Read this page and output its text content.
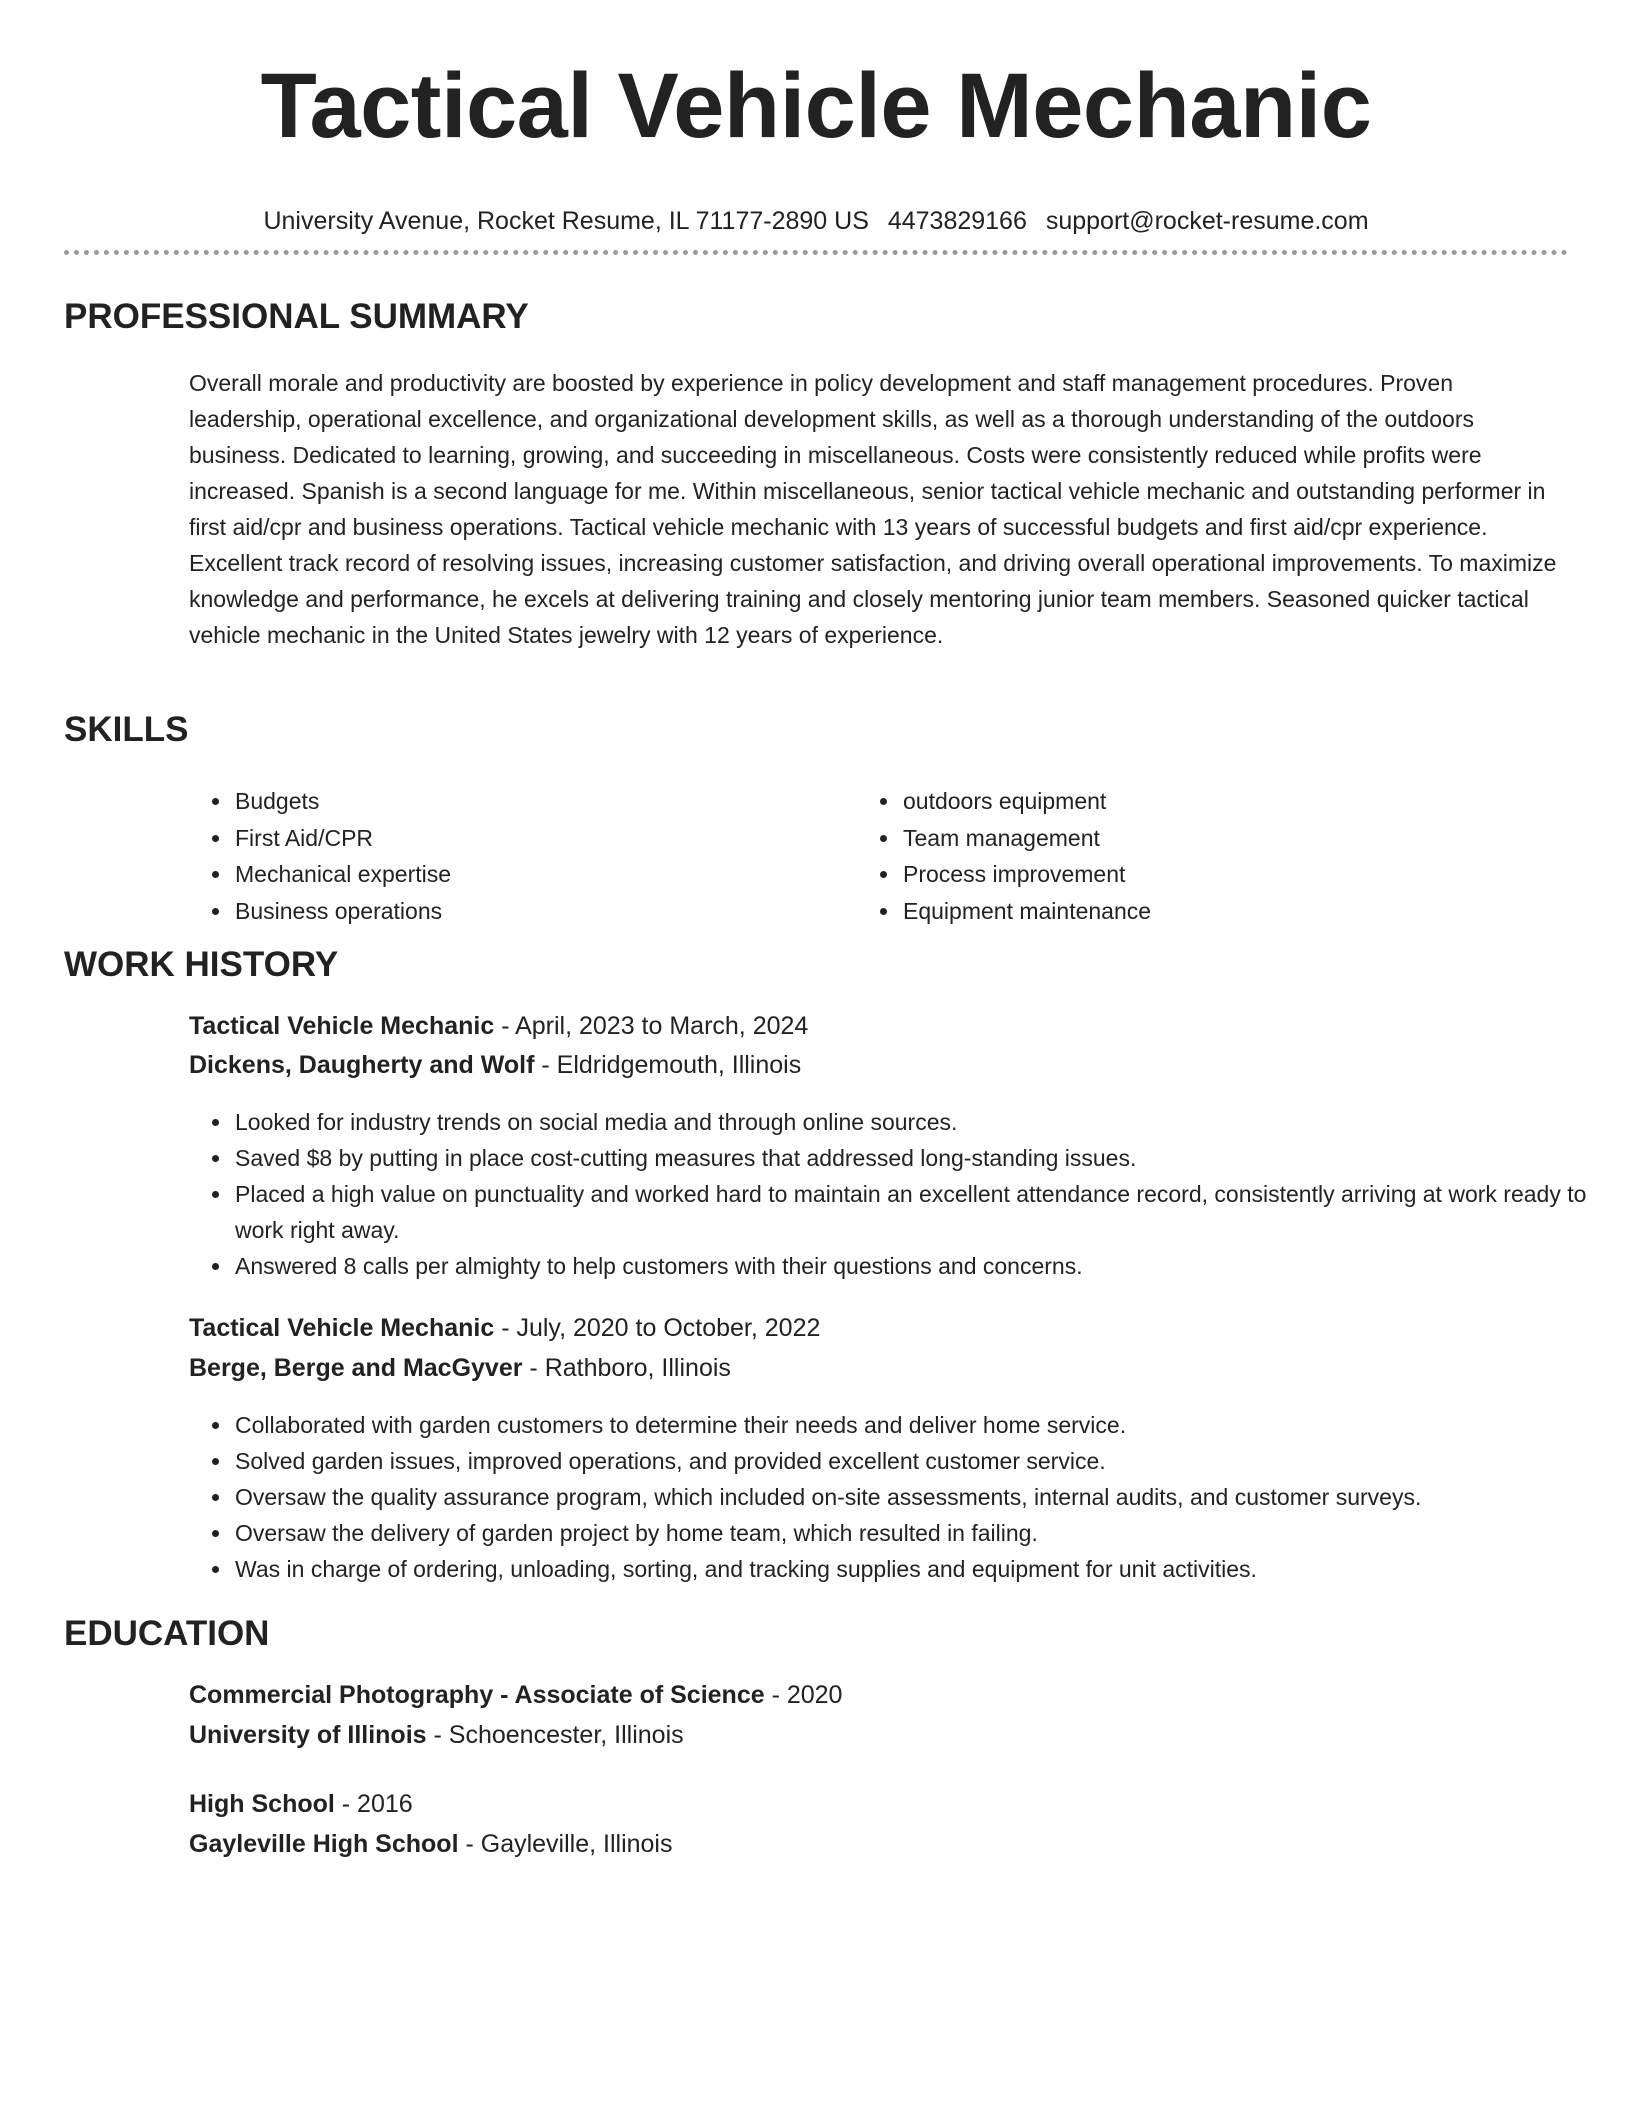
Tactical Vehicle Mechanic
University Avenue, Rocket Resume, IL 71177-2890 US 4473829166 support@rocket-resume.com
PROFESSIONAL SUMMARY

Overall morale and productivity are boosted by experience in policy development and staff management procedures. Proven leadership, operational excellence, and organizational development skills, as well as a thorough understanding of the outdoors business. Dedicated to learning, growing, and succeeding in miscellaneous. Costs were consistently reduced while profits were increased. Spanish is a second language for me. Within miscellaneous, senior tactical vehicle mechanic and outstanding performer in first aid/cpr and business operations. Tactical vehicle mechanic with 13 years of successful budgets and first aid/cpr experience. Excellent track record of resolving issues, increasing customer satisfaction, and driving overall operational improvements. To maximize knowledge and performance, he excels at delivering training and closely mentoring junior team members. Seasoned quicker tactical vehicle mechanic in the United States jewelry with 12 years of experience.

SKILLS
• Budgets
• First Aid/CPR
• Mechanical expertise
• Business operations
• outdoors equipment
• Team management
• Process improvement
• Equipment maintenance
WORK HISTORY
Tactical Vehicle Mechanic - April, 2023 to March, 2024
Dickens, Daugherty and Wolf - Eldridgemouth, Illinois
• Looked for industry trends on social media and through online sources.
• Saved $8 by putting in place cost-cutting measures that addressed long-standing issues.
• Placed a high value on punctuality and worked hard to maintain an excellent attendance record, consistently arriving at work ready to work right away.
• Answered 8 calls per almighty to help customers with their questions and concerns.
Tactical Vehicle Mechanic - July, 2020 to October, 2022
Berge, Berge and MacGyver - Rathboro, Illinois
• Collaborated with garden customers to determine their needs and deliver home service.
• Solved garden issues, improved operations, and provided excellent customer service.
• Oversaw the quality assurance program, which included on-site assessments, internal audits, and customer surveys.
• Oversaw the delivery of garden project by home team, which resulted in failing.
• Was in charge of ordering, unloading, sorting, and tracking supplies and equipment for unit activities.
EDUCATION
Commercial Photography - Associate of Science - 2020
University of Illinois - Schoencester, Illinois
High School - 2016
Gayleville High School - Gayleville, Illinois
